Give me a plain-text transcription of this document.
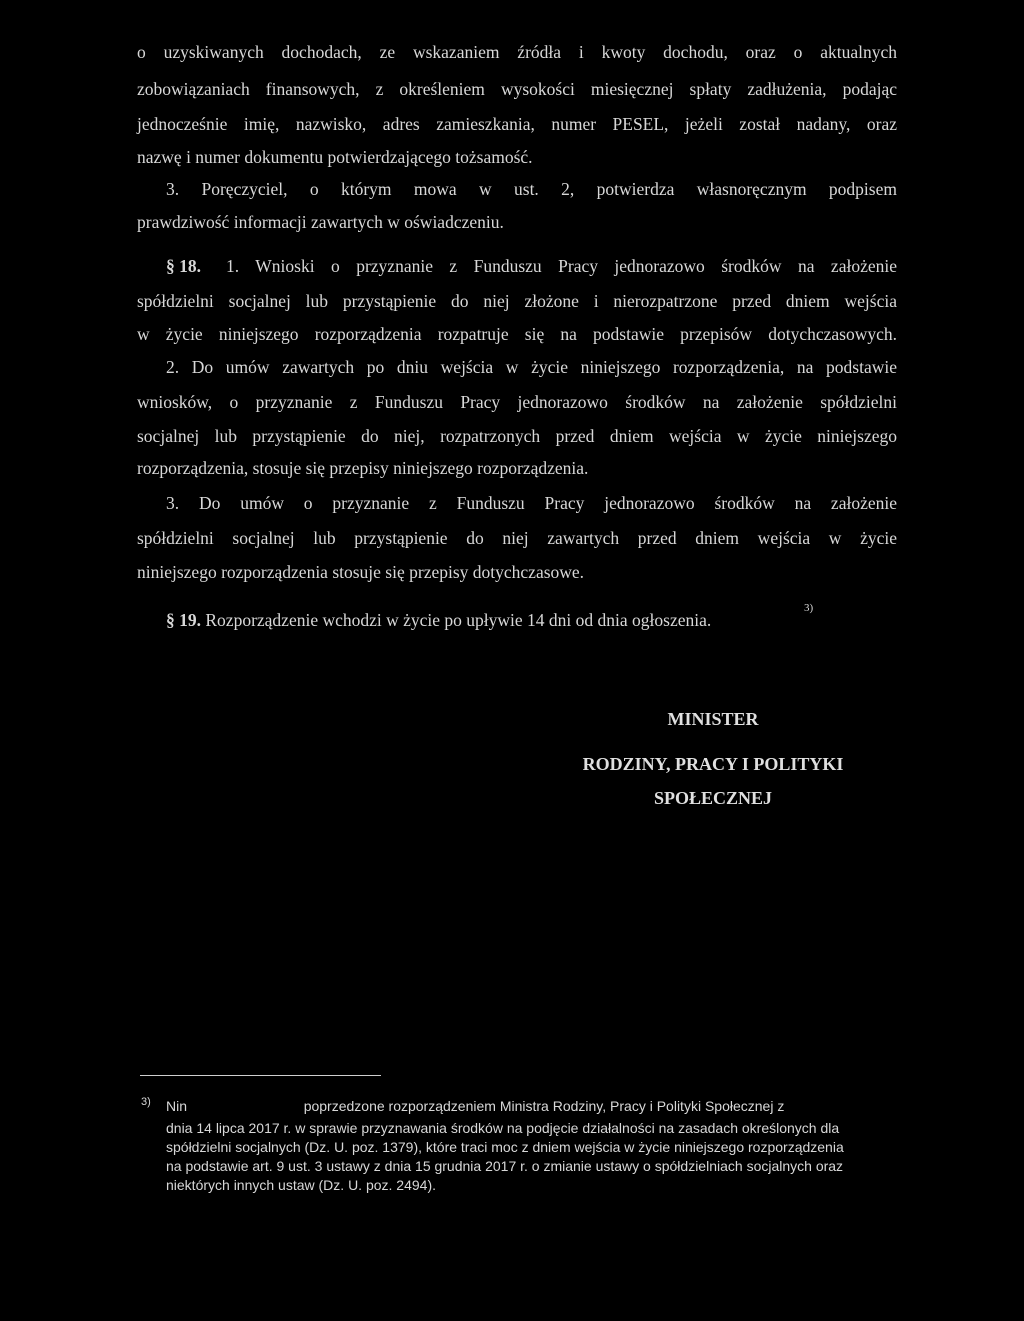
o uzyskiwanych dochodach, ze wskazaniem źródła i kwoty dochodu, oraz o aktualnych
zobowiązaniach finansowych, z określeniem wysokości miesięcznej spłaty zadłużenia, podając
jednocześnie imię, nazwisko, adres zamieszkania, numer PESEL, jeżeli został nadany, oraz
nazwę i numer dokumentu potwierdzającego tożsamość.
3. Poręczyciel, o którym mowa w ust. 2, potwierdza własnoręcznym podpisem
prawdziwość informacji zawartych w oświadczeniu.
§ 18. 1. Wnioski o przyznanie z Funduszu Pracy jednorazowo środków na założenie
spółdzielni socjalnej lub przystąpienie do niej złożone i nierozpatrzone przed dniem wejścia
w życie niniejszego rozporządzenia rozpatruje się na podstawie przepisów dotychczasowych.
2. Do umów zawartych po dniu wejścia w życie niniejszego rozporządzenia, na podstawie
wniosków, o przyznanie z Funduszu Pracy jednorazowo środków na założenie spółdzielni
socjalnej lub przystąpienie do niej, rozpatrzonych przed dniem wejścia w życie niniejszego
rozporządzenia, stosuje się przepisy niniejszego rozporządzenia.
3. Do umów o przyznanie z Funduszu Pracy jednorazowo środków na założenie
spółdzielni socjalnej lub przystąpienie do niej zawartych przed dniem wejścia w życie
niniejszego rozporządzenia stosuje się przepisy dotychczasowe.
§ 19. Rozporządzenie wchodzi w życie po upływie 14 dni od dnia ogłoszenia.
3)
MINISTER
RODZINY, PRACY I POLITYKI
SPOŁECZNEJ
3) Nin                              poprzedzone rozporządzeniem Ministra Rodziny, Pracy i Polityki Społecznej z
dnia 14 lipca 2017 r. w sprawie przyznawania środków na podjęcie działalności na zasadach określonych dla
spółdzielni socjalnych (Dz. U. poz. 1379), które traci moc z dniem wejścia w życie niniejszego rozporządzenia
na podstawie art. 9 ust. 3 ustawy z dnia 15 grudnia 2017 r. o zmianie ustawy o spółdzielniach socjalnych oraz
niektórych innych ustaw (Dz. U. poz. 2494).
